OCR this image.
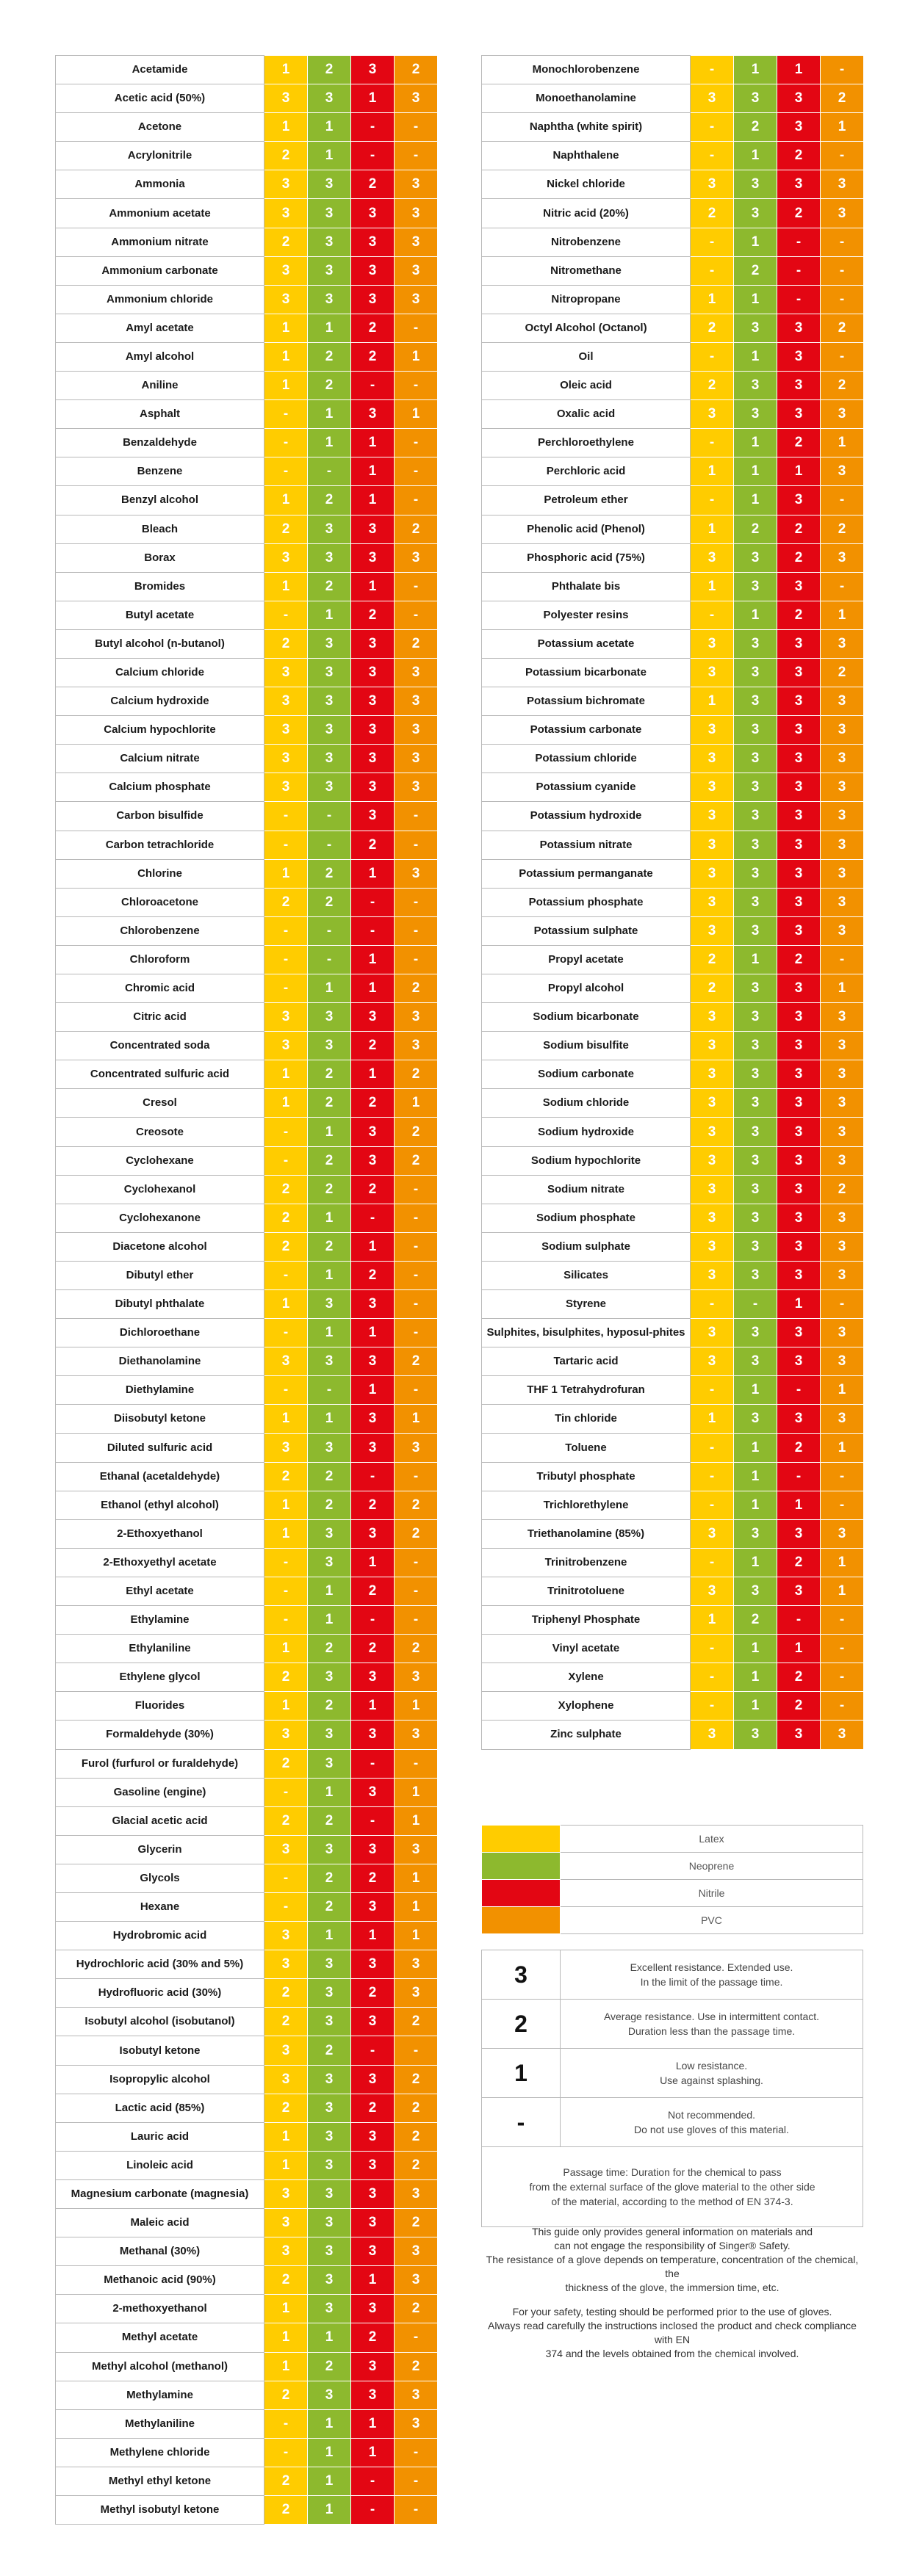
Acetamide	1	2	3	2
Acetic acid (50%)	3	3	1	3
Acetone	1	1	-	-
Acrylonitrile	2	1	-	-
Ammonia	3	3	2	3
Ammonium acetate	3	3	3	3
Ammonium nitrate	2	3	3	3
Ammonium carbonate	3	3	3	3
Ammonium chloride	3	3	3	3
Amyl acetate	1	1	2	-
Amyl alcohol	1	2	2	1
Aniline	1	2	-	-
Asphalt	-	1	3	1
Benzaldehyde	-	1	1	-
Benzene	-	-	1	-
Benzyl alcohol	1	2	1	-
Bleach	2	3	3	2
Borax	3	3	3	3
Bromides	1	2	1	-
Butyl acetate	-	1	2	-
Butyl alcohol (n-butanol)	2	3	3	2
Calcium chloride	3	3	3	3
Calcium hydroxide	3	3	3	3
Calcium hypochlorite	3	3	3	3
Calcium nitrate	3	3	3	3
Calcium phosphate	3	3	3	3
Carbon bisulfide	-	-	3	-
Carbon tetrachloride	-	-	2	-
Chlorine	1	2	1	3
Chloroacetone	2	2	-	-
Chlorobenzene	-	-	-	-
Chloroform	-	-	1	-
Chromic acid	-	1	1	2
Citric acid	3	3	3	3
Concentrated soda	3	3	2	3
Concentrated sulfuric acid	1	2	1	2
Cresol	1	2	2	1
Creosote	-	1	3	2
Cyclohexane	-	2	3	2
Cyclohexanol	2	2	2	-
Cyclohexanone	2	1	-	-
Diacetone alcohol	2	2	1	-
Dibutyl ether	-	1	2	-
Dibutyl phthalate	1	3	3	-
Dichloroethane	-	1	1	-
Diethanolamine	3	3	3	2
Diethylamine	-	-	1	-
Diisobutyl ketone	1	1	3	1
Diluted sulfuric acid	3	3	3	3
Ethanal (acetaldehyde)	2	2	-	-
Ethanol (ethyl alcohol)	1	2	2	2
2-Ethoxyethanol	1	3	3	2
2-Ethoxyethyl acetate	-	3	1	-
Ethyl acetate	-	1	2	-
Ethylamine	-	1	-	-
Ethylaniline	1	2	2	2
Ethylene glycol	2	3	3	3
Fluorides	1	2	1	1
Formaldehyde (30%)	3	3	3	3
Furol (furfurol or furaldehyde)	2	3	-	-
Gasoline (engine)	-	1	3	1
Glacial acetic acid	2	2	-	1
Glycerin	3	3	3	3
Glycols	-	2	2	1
Hexane	-	2	3	1
Hydrobromic acid	3	1	1	1
Hydrochloric acid (30% and 5%)	3	3	3	3
Hydrofluoric acid (30%)	2	3	2	3
Isobutyl alcohol (isobutanol)	2	3	3	2
Isobutyl ketone	3	2	-	-
Isopropylic alcohol	3	3	3	2
Lactic acid (85%)	2	3	2	2
Lauric acid	1	3	3	2
Linoleic acid	1	3	3	2
Magnesium carbonate (magnesia)	3	3	3	3
Maleic acid	3	3	3	2
Methanal (30%)	3	3	3	3
Methanoic acid (90%)	2	3	1	3
2-methoxyethanol	1	3	3	2
Methyl acetate	1	1	2	-
Methyl alcohol (methanol)	1	2	3	2
Methylamine	2	3	3	3
Methylaniline	-	1	1	3
Methylene chloride	-	1	1	-
Methyl ethyl ketone	2	1	-	-
Methyl isobutyl ketone	2	1	-	-
Monochlorobenzene	-	1	1	-
Monoethanolamine	3	3	3	2
Naphtha (white spirit)	-	2	3	1
Naphthalene	-	1	2	-
Nickel chloride	3	3	3	3
Nitric acid (20%)	2	3	2	3
Nitrobenzene	-	1	-	-
Nitromethane	-	2	-	-
Nitropropane	1	1	-	-
Octyl Alcohol (Octanol)	2	3	3	2
Oil	-	1	3	-
Oleic acid	2	3	3	2
Oxalic acid	3	3	3	3
Perchloroethylene	-	1	2	1
Perchloric acid	1	1	1	3
Petroleum ether	-	1	3	-
Phenolic acid (Phenol)	1	2	2	2
Phosphoric acid (75%)	3	3	2	3
Phthalate bis	1	3	3	-
Polyester resins	-	1	2	1
Potassium acetate	3	3	3	3
Potassium bicarbonate	3	3	3	2
Potassium bichromate	1	3	3	3
Potassium carbonate	3	3	3	3
Potassium chloride	3	3	3	3
Potassium cyanide	3	3	3	3
Potassium hydroxide	3	3	3	3
Potassium nitrate	3	3	3	3
Potassium permanganate	3	3	3	3
Potassium phosphate	3	3	3	3
Potassium sulphate	3	3	3	3
Propyl acetate	2	1	2	-
Propyl alcohol	2	3	3	1
Sodium bicarbonate	3	3	3	3
Sodium bisulfite	3	3	3	3
Sodium carbonate	3	3	3	3
Sodium chloride	3	3	3	3
Sodium hydroxide	3	3	3	3
Sodium hypochlorite	3	3	3	3
Sodium nitrate	3	3	3	2
Sodium phosphate	3	3	3	3
Sodium sulphate	3	3	3	3
Silicates	3	3	3	3
Styrene	-	-	1	-
Sulphites, bisulphites, hyposul-phites	3	3	3	3
Tartaric acid	3	3	3	3
THF 1 Tetrahydrofuran	-	1	-	1
Tin chloride	1	3	3	3
Toluene	-	1	2	1
Tributyl phosphate	-	1	-	-
Trichlorethylene	-	1	1	-
Triethanolamine (85%)	3	3	3	3
Trinitrobenzene	-	1	2	1
Trinitrotoluene	3	3	3	1
Triphenyl Phosphate	1	2	-	-
Vinyl acetate	-	1	1	-
Xylene	-	1	2	-
Xylophene	-	1	2	-
Zinc sulphate	3	3	3	3
	Latex
	Neoprene
	Nitrile
	PVC
3	Excellent resistance. Extended use.
In the limit of the passage time.

2	Average resistance. Use in intermittent contact.
Duration less than the passage time.

1	Low resistance.
Use against splashing.

-	Not recommended.
Do not use gloves of this material.

Passage time: Duration for the chemical to pass
from the external surface of the glove material to the other side
of the material, according to the method of EN 374-3.	

This guide only provides general information on materials and
can not engage the responsibility of Singer® Safety.
The resistance of a glove depends on temperature, concentration of the chemical, the
thickness of the glove, the immersion time, etc.

For your safety, testing should be performed prior to the use of gloves.
Always read carefully the instructions inclosed the product and check compliance with EN
374 and the levels obtained from the chemical involved.
